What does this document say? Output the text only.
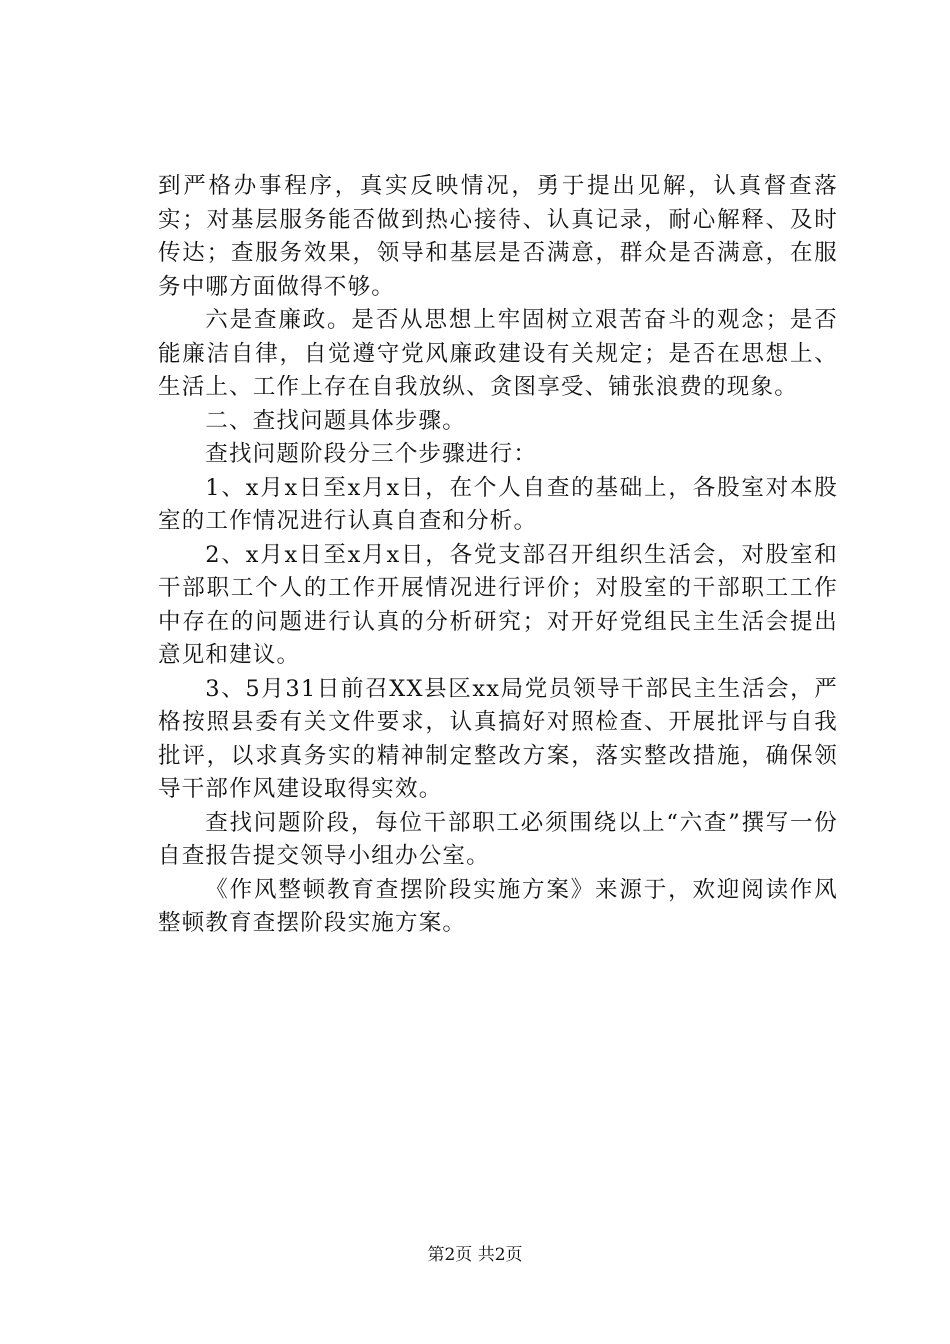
到严格办事程序，真实反映情况，勇于提出见解，认真督查落实；对基层服务能否做到热心接待、认真记录，耐心解释、及时传达；查服务效果，领导和基层是否满意，群众是否满意，在服务中哪方面做得不够。

六是查廉政。是否从思想上牢固树立艰苦奋斗的观念；是否能廉洁自律，自觉遵守党风廉政建设有关规定；是否在思想上、生活上、工作上存在自我放纵、贪图享受、铺张浪费的现象。

二、查找问题具体步骤。

查找问题阶段分三个步骤进行：

1、x月x日至x月x日，在个人自查的基础上，各股室对本股室的工作情况进行认真自查和分析。

2、x月x日至x月x日，各党支部召开组织生活会，对股室和干部职工个人的工作开展情况进行评价；对股室的干部职工工作中存在的问题进行认真的分析研究；对开好党组民主生活会提出意见和建议。

3、5月31日前召XX县区xx局党员领导干部民主生活会，严格按照县委有关文件要求，认真搞好对照检查、开展批评与自我批评，以求真务实的精神制定整改方案，落实整改措施，确保领导干部作风建设取得实效。

查找问题阶段，每位干部职工必须围绕以上“六查”撰写一份自查报告提交领导小组办公室。

《作风整顿教育查摆阶段实施方案》来源于，欢迎阅读作风整顿教育查摆阶段实施方案。

第2页 共2页
